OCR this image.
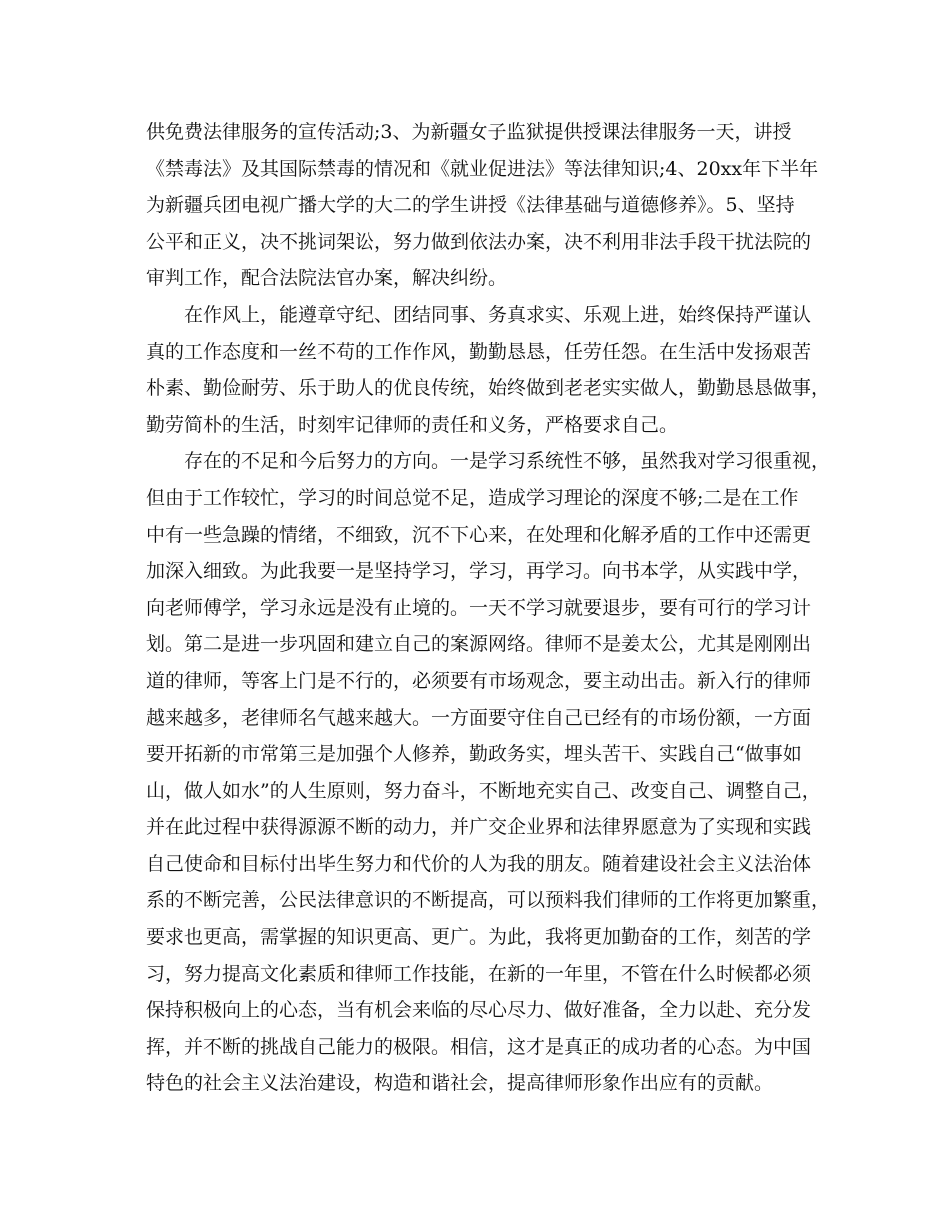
供免费法律服务的宣传活动;3、为新疆女子监狱提供授课法律服务一天，讲授
《禁毒法》及其国际禁毒的情况和《就业促进法》等法律知识;4、20xx年下半年
为新疆兵团电视广播大学的大二的学生讲授《法律基础与道德修养》。5、坚持
公平和正义，决不挑词架讼，努力做到依法办案，决不利用非法手段干扰法院的
审判工作，配合法院法官办案，解决纠纷。
在作风上，能遵章守纪、团结同事、务真求实、乐观上进，始终保持严谨认
真的工作态度和一丝不苟的工作作风，勤勤恳恳，任劳任怨。在生活中发扬艰苦
朴素、勤俭耐劳、乐于助人的优良传统，始终做到老老实实做人，勤勤恳恳做事，
勤劳简朴的生活，时刻牢记律师的责任和义务，严格要求自己。
存在的不足和今后努力的方向。一是学习系统性不够，虽然我对学习很重视，
但由于工作较忙，学习的时间总觉不足，造成学习理论的深度不够;二是在工作
中有一些急躁的情绪，不细致，沉不下心来，在处理和化解矛盾的工作中还需更
加深入细致。为此我要一是坚持学习，学习，再学习。向书本学，从实践中学，
向老师傅学，学习永远是没有止境的。一天不学习就要退步，要有可行的学习计
划。第二是进一步巩固和建立自己的案源网络。律师不是姜太公，尤其是刚刚出
道的律师，等客上门是不行的，必须要有市场观念，要主动出击。新入行的律师
越来越多，老律师名气越来越大。一方面要守住自己已经有的市场份额，一方面
要开拓新的市常第三是加强个人修养，勤政务实，埋头苦干、实践自己“做事如
山，做人如水”的人生原则，努力奋斗，不断地充实自己、改变自己、调整自己，
并在此过程中获得源源不断的动力，并广交企业界和法律界愿意为了实现和实践
自己使命和目标付出毕生努力和代价的人为我的朋友。随着建设社会主义法治体
系的不断完善，公民法律意识的不断提高，可以预料我们律师的工作将更加繁重，
要求也更高，需掌握的知识更高、更广。为此，我将更加勤奋的工作，刻苦的学
习，努力提高文化素质和律师工作技能，在新的一年里，不管在什么时候都必须
保持积极向上的心态，当有机会来临的尽心尽力、做好准备，全力以赴、充分发
挥，并不断的挑战自己能力的极限。相信，这才是真正的成功者的心态。为中国
特色的社会主义法治建设，构造和谐社会，提高律师形象作出应有的贡献。
